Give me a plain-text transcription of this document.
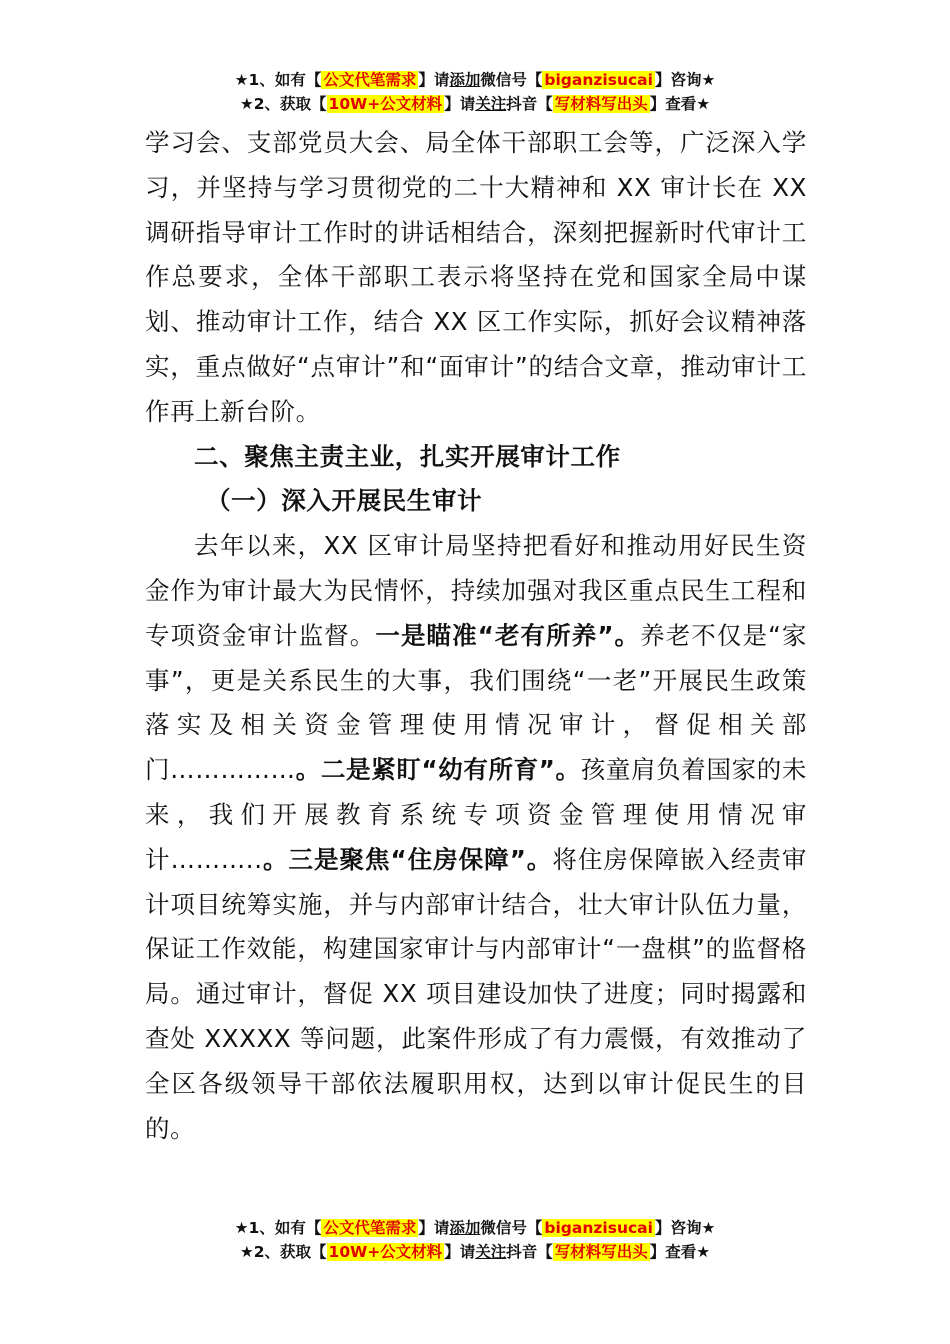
★1、如有【 公文代笔需求 】请添加微信号【 biganzisucai 】咨询★
★2、获取【 10W+公文材料 】请关注抖音【 写材料写出头 】查看★

学习会、支部党员大会、局全体干部职工会等，广泛深入学习，并坚持与学习贯彻党的二十大精神和 XX 审计长在 XX 调研指导审计工作时的讲话相结合，深刻把握新时代审计工作总要求，全体干部职工表示将坚持在党和国家全局中谋划、推动审计工作，结合 XX 区工作实际，抓好会议精神落实，重点做好“点审计”和“面审计”的结合文章，推动审计工作再上新台阶。

二、聚焦主责主业，扎实开展审计工作

（一）深入开展民生审计

去年以来，XX 区审计局坚持把看好和推动用好民生资金作为审计最大为民情怀，持续加强对我区重点民生工程和专项资金审计监督。一是瞄准“老有所养”。养老不仅是“家事”，更是关系民生的大事，我们围绕“一老”开展民生政策落实及相关资金管理使用情况审计，督促相关部门……………。二是紧盯“幼有所育”。孩童肩负着国家的未来，我们开展教育系统专项资金管理使用情况审计………..。三是聚焦“住房保障”。将住房保障嵌入经责审计项目统筹实施，并与内部审计结合，壮大审计队伍力量，保证工作效能，构建国家审计与内部审计“一盘棋”的监督格局。通过审计，督促 XX 项目建设加快了进度；同时揭露和查处 XXXXX 等问题，此案件形成了有力震慑，有效推动了全区各级领导干部依法履职用权，达到以审计促民生的目的。

★1、如有【 公文代笔需求 】请添加微信号【 biganzisucai 】咨询★
★2、获取【 10W+公文材料 】请关注抖音【 写材料写出头 】查看★
